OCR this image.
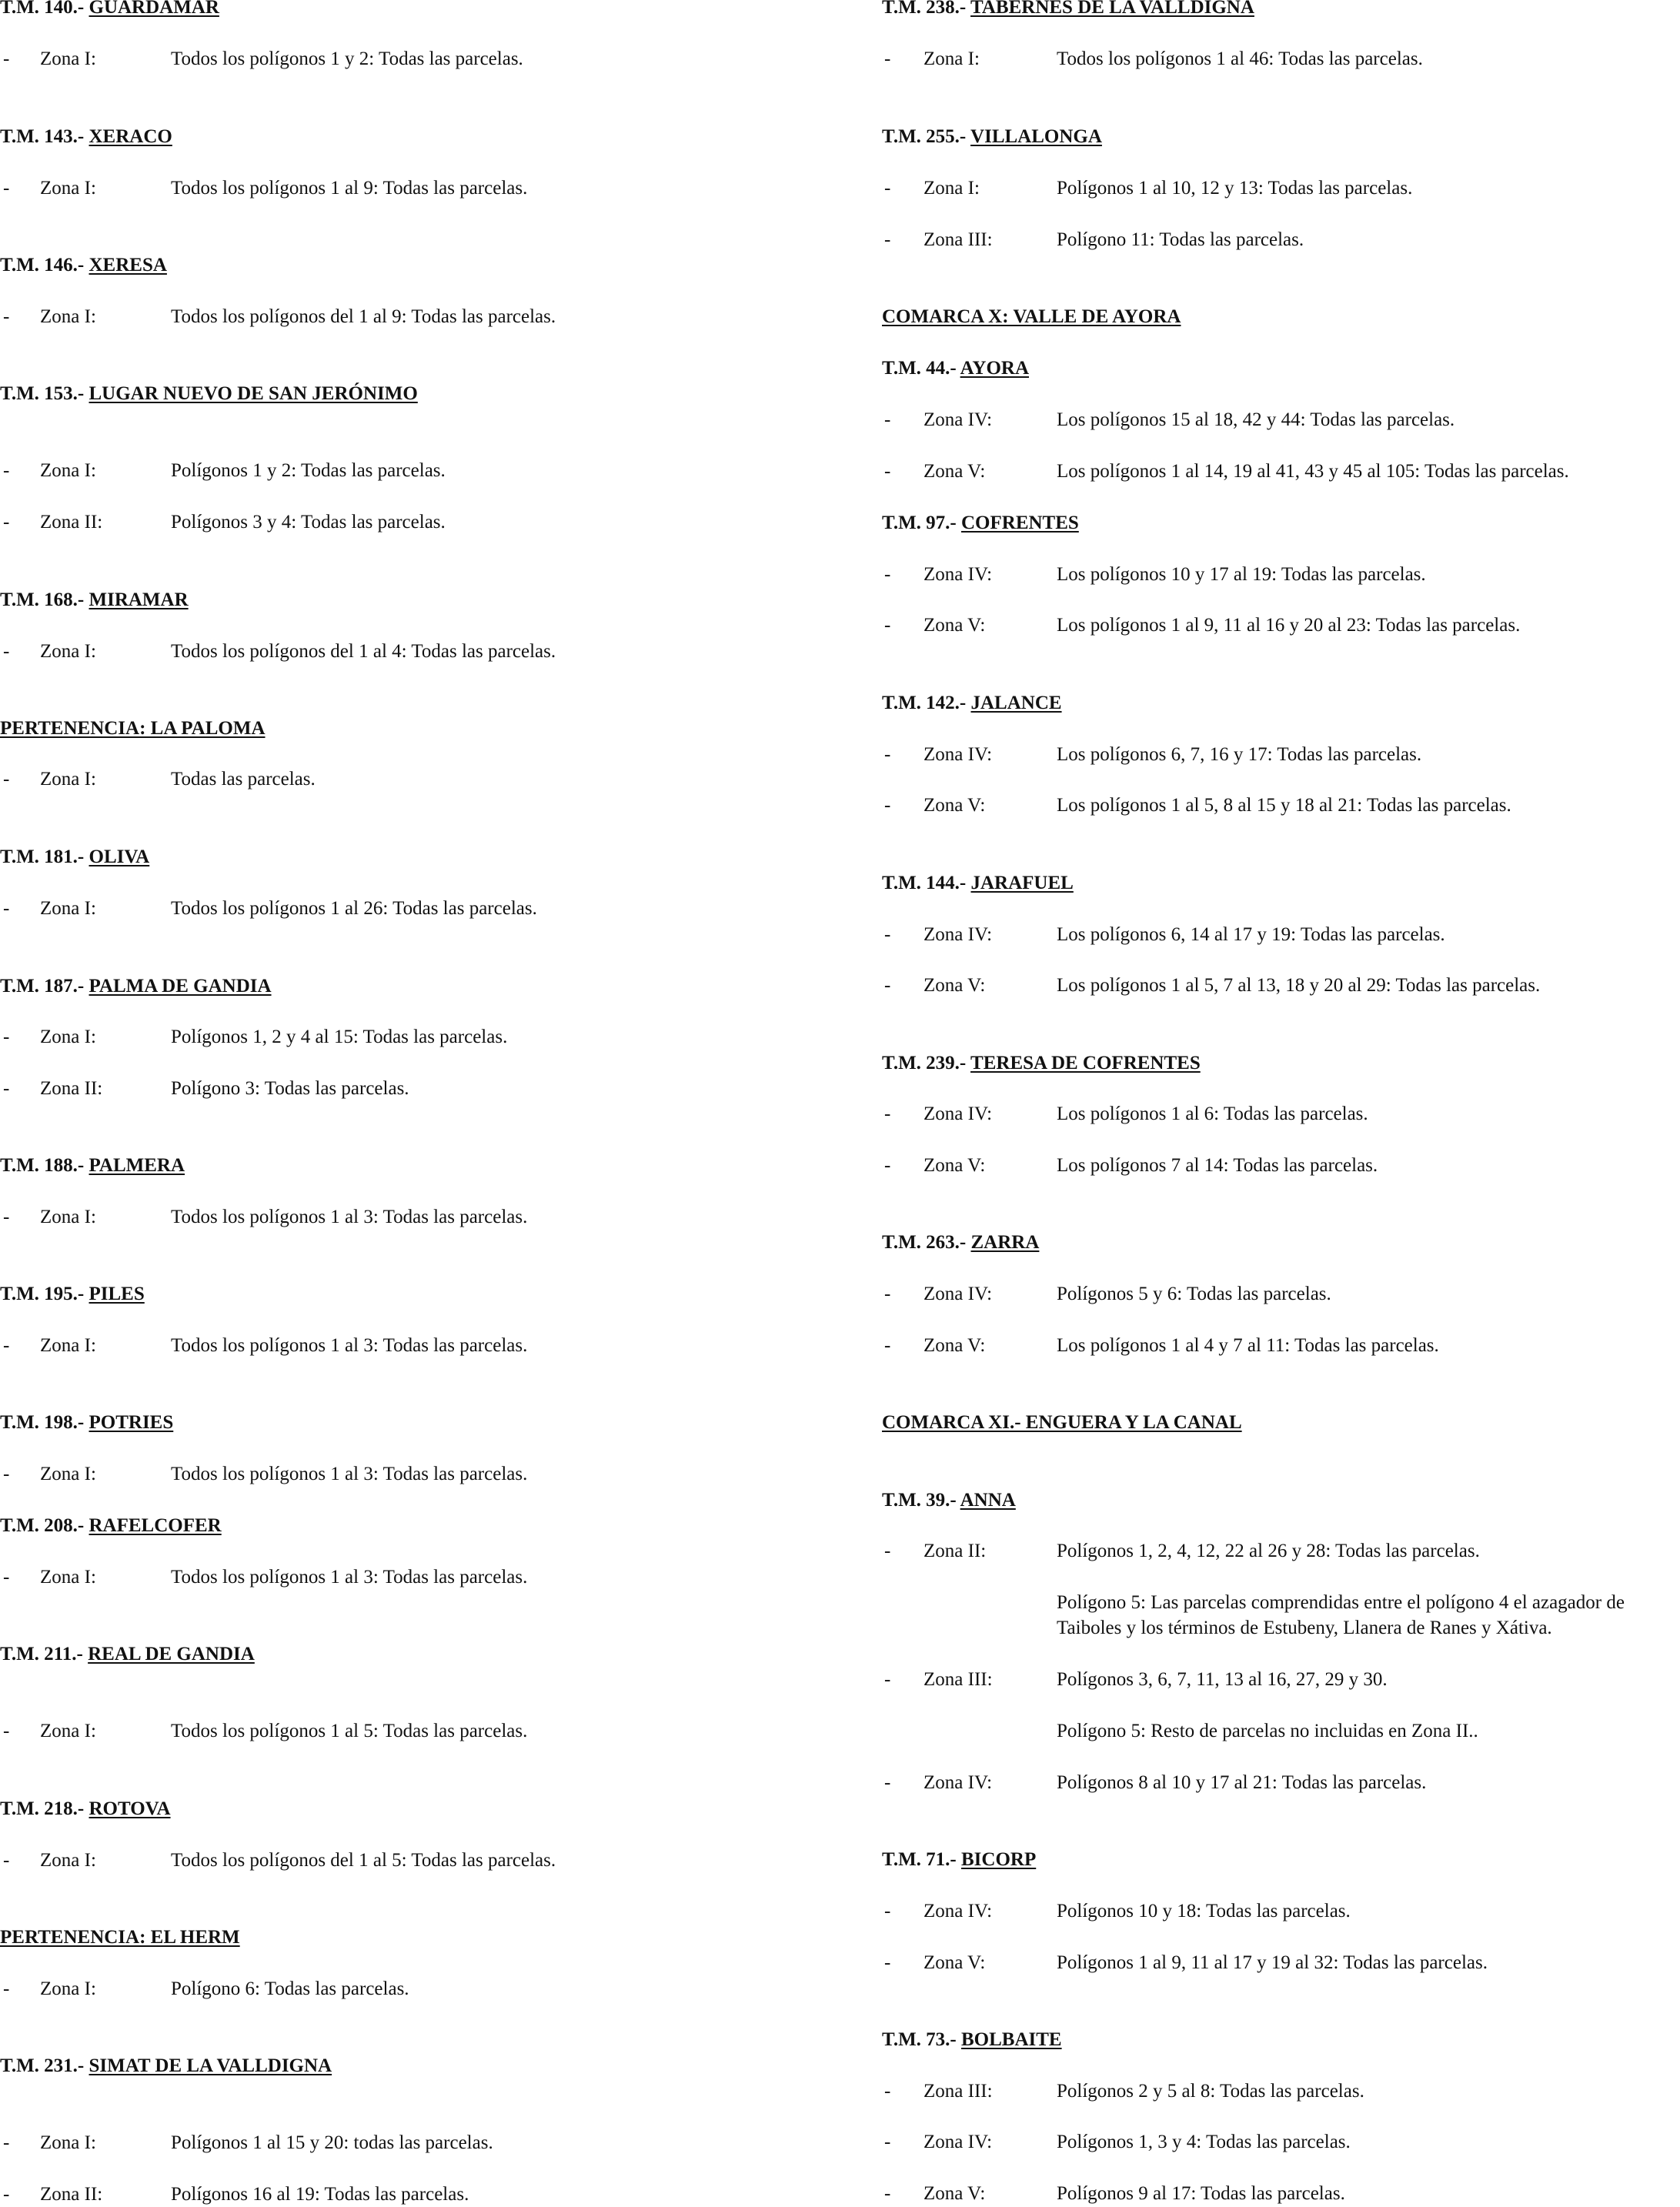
T.M. 140.- GUARDAMAR
- Zona I:	Todos los polígonos 1 y 2: Todas las parcelas.
T.M. 143.- XERACO
- Zona I:	Todos los polígonos 1 al 9: Todas las parcelas.
T.M. 146.- XERESA
- Zona I:	Todos los polígonos del 1 al 9: Todas las parcelas.
T.M. 153.- LUGAR NUEVO DE SAN JERÓNIMO
- Zona I:	Polígonos 1 y 2: Todas las parcelas.
- Zona II:	Polígonos 3 y 4: Todas las parcelas.
T.M. 168.- MIRAMAR
- Zona I:	Todos los polígonos del 1 al 4: Todas las parcelas.
PERTENENCIA: LA PALOMA
- Zona I:	Todas las parcelas.
T.M. 181.- OLIVA
- Zona I:	Todos los polígonos 1 al 26: Todas las parcelas.
T.M. 187.- PALMA DE GANDIA
- Zona I:	Polígonos 1, 2 y 4 al 15: Todas las parcelas.
- Zona II:	Polígono 3: Todas las parcelas.
T.M. 188.- PALMERA
- Zona I:	Todos los polígonos 1 al 3: Todas las parcelas.
T.M. 195.- PILES
- Zona I:	Todos los polígonos 1 al 3: Todas las parcelas.
T.M. 198.- POTRIES
- Zona I:	Todos los polígonos 1 al 3: Todas las parcelas.
T.M. 208.- RAFELCOFER
- Zona I:	Todos los polígonos 1 al 3: Todas las parcelas.
T.M. 211.- REAL DE GANDIA
- Zona I:	Todos los polígonos 1 al 5: Todas las parcelas.
T.M. 218.- ROTOVA
- Zona I:	Todos los polígonos del 1 al 5: Todas las parcelas.
PERTENENCIA: EL HERM
- Zona I:	Polígono 6: Todas las parcelas.
T.M. 231.- SIMAT DE LA VALLDIGNA
- Zona I:	Polígonos 1 al 15 y 20: todas las parcelas.
- Zona II:	Polígonos 16 al 19: Todas las parcelas.
T.M. 238.- TABERNES DE LA VALLDIGNA
- Zona I:	Todos los polígonos 1 al 46: Todas las parcelas.
T.M. 255.- VILLALONGA
- Zona I:	Polígonos 1 al 10, 12 y 13: Todas las parcelas.
- Zona III:	Polígono 11: Todas las parcelas.
COMARCA X: VALLE DE AYORA
T.M. 44.- AYORA
- Zona IV:	Los polígonos 15 al 18, 42 y 44: Todas las parcelas.
- Zona V:	Los polígonos 1 al 14, 19 al 41, 43 y 45 al 105: Todas las parcelas.
T.M. 97.- COFRENTES
- Zona IV:	Los polígonos 10 y 17 al 19: Todas las parcelas.
- Zona V:	Los polígonos 1 al 9, 11 al 16 y 20 al 23: Todas las parcelas.
T.M. 142.- JALANCE
- Zona IV:	Los polígonos 6, 7, 16 y 17: Todas las parcelas.
- Zona V:	Los polígonos 1 al 5, 8 al 15 y 18 al 21: Todas las parcelas.
T.M. 144.- JARAFUEL
- Zona IV:	Los polígonos 6, 14 al 17 y 19: Todas las parcelas.
- Zona V:	Los polígonos 1 al 5, 7 al 13, 18 y 20 al 29: Todas las parcelas.
T.M. 239.- TERESA DE COFRENTES
- Zona IV:	Los polígonos 1 al 6: Todas las parcelas.
- Zona V:	Los polígonos 7 al 14: Todas las parcelas.
T.M. 263.- ZARRA
- Zona IV:	Polígonos 5 y 6: Todas las parcelas.
- Zona V:	Los polígonos 1 al 4 y 7 al 11: Todas las parcelas.
COMARCA XI.- ENGUERA Y LA CANAL
T.M. 39.- ANNA
- Zona II:	Polígonos 1, 2, 4, 12, 22 al 26 y 28: Todas las parcelas.
Polígono 5: Las parcelas comprendidas entre el polígono 4 el azagador de
Taiboles y los términos de Estubeny, Llanera de Ranes y Xátiva.
- Zona III:	Polígonos 3, 6, 7, 11, 13 al 16, 27, 29 y 30.
Polígono 5: Resto de parcelas no incluidas en Zona II..
- Zona IV:	Polígonos 8 al 10 y 17 al 21: Todas las parcelas.
T.M. 71.- BICORP
- Zona IV:	Polígonos 10 y 18: Todas las parcelas.
- Zona V:	Polígonos 1 al 9, 11 al 17 y 19 al 32: Todas las parcelas.
T.M. 73.- BOLBAITE
- Zona III:	Polígonos 2 y 5 al 8: Todas las parcelas.
- Zona IV:	Polígonos 1, 3 y 4: Todas las parcelas.
- Zona V:	Polígonos 9 al 17: Todas las parcelas.
